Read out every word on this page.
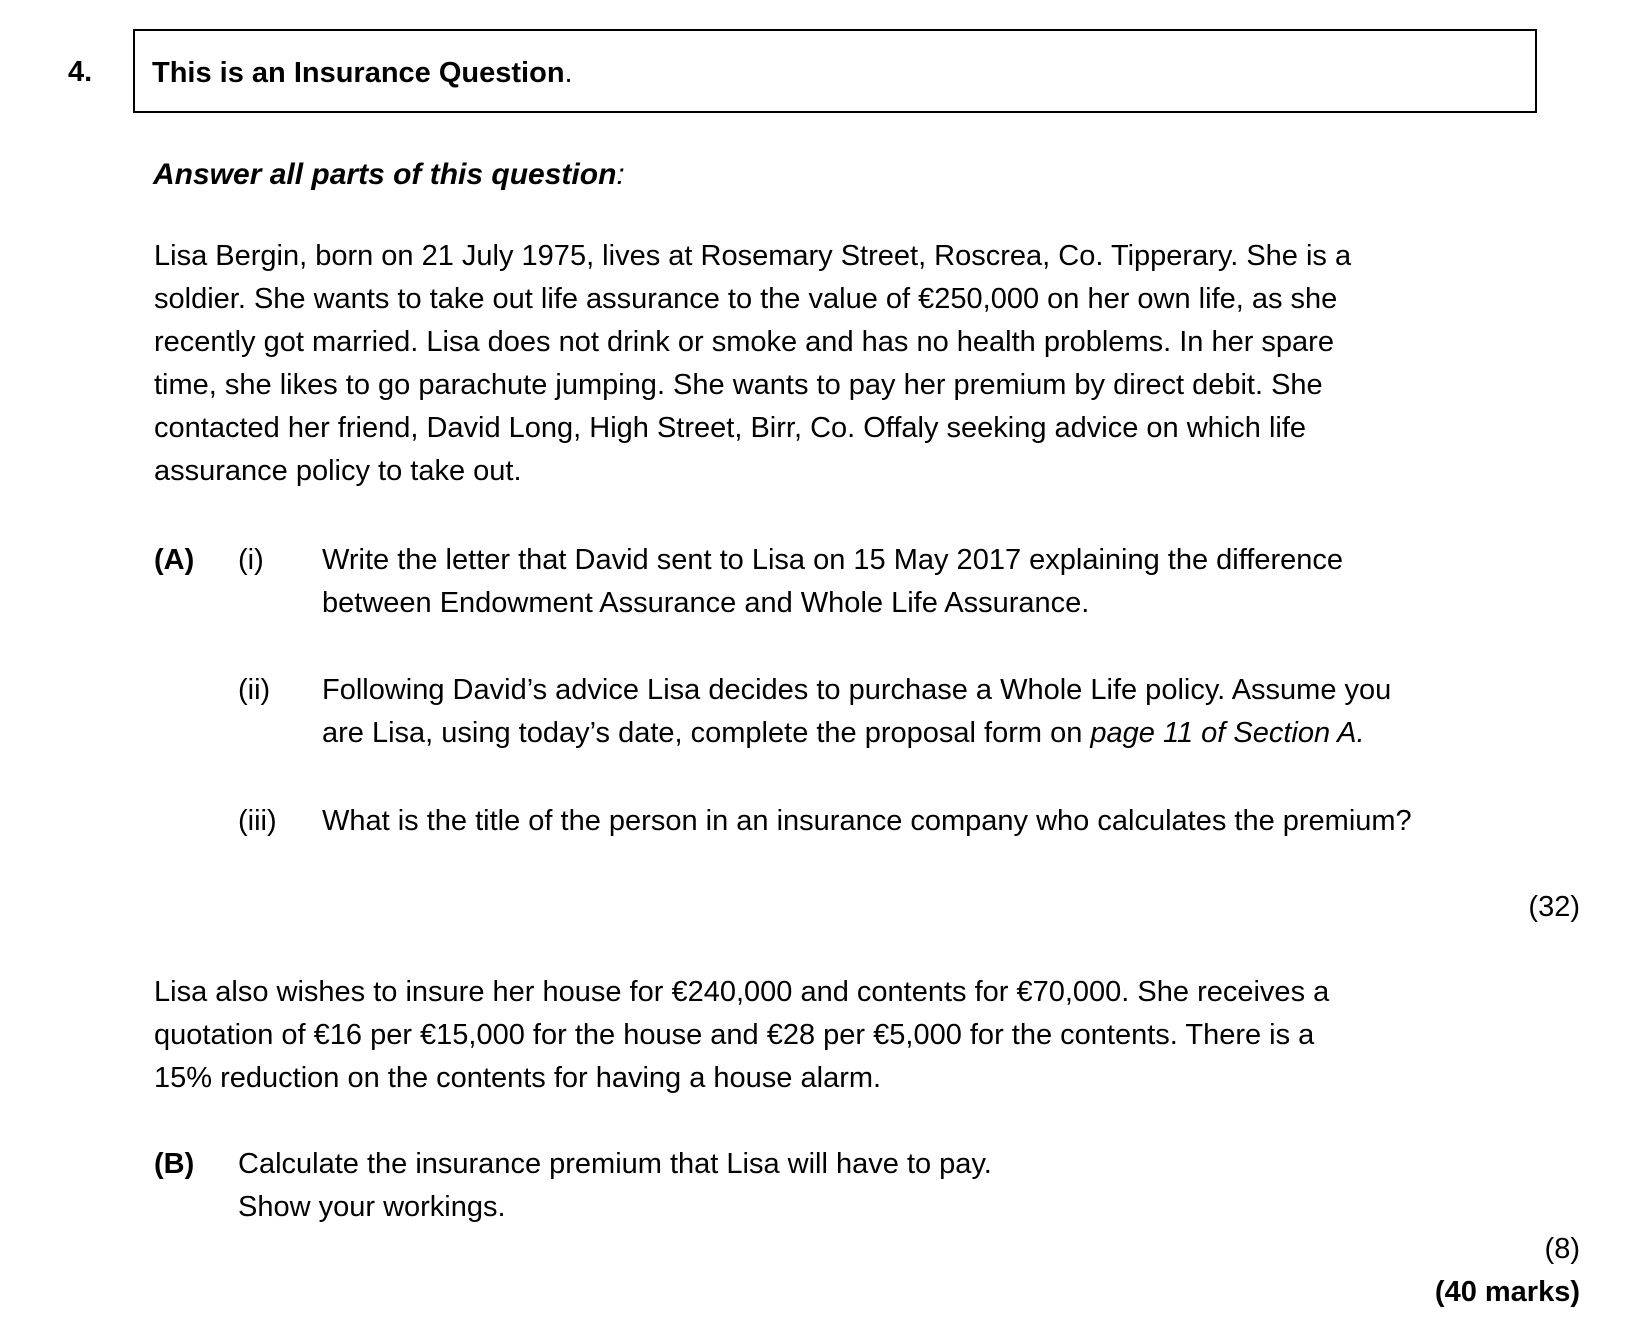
4. This is an Insurance Question.
Answer all parts of this question:
Lisa Bergin, born on 21 July 1975, lives at Rosemary Street, Roscrea, Co. Tipperary. She is a
soldier. She wants to take out life assurance to the value of €250,000 on her own life, as she
recently got married. Lisa does not drink or smoke and has no health problems. In her spare
time, she likes to go parachute jumping. She wants to pay her premium by direct debit. She
contacted her friend, David Long, High Street, Birr, Co. Offaly seeking advice on which life
assurance policy to take out.
(A) (i) Write the letter that David sent to Lisa on 15 May 2017 explaining the difference
between Endowment Assurance and Whole Life Assurance.
(ii) Following David’s advice Lisa decides to purchase a Whole Life policy. Assume you
are Lisa, using today’s date, complete the proposal form on page 11 of Section A.
(iii) What is the title of the person in an insurance company who calculates the premium?
(32)
Lisa also wishes to insure her house for €240,000 and contents for €70,000. She receives a
quotation of €16 per €15,000 for the house and €28 per €5,000 for the contents. There is a
15% reduction on the contents for having a house alarm.
(B) Calculate the insurance premium that Lisa will have to pay.
Show your workings.
(8)
(40 marks)
